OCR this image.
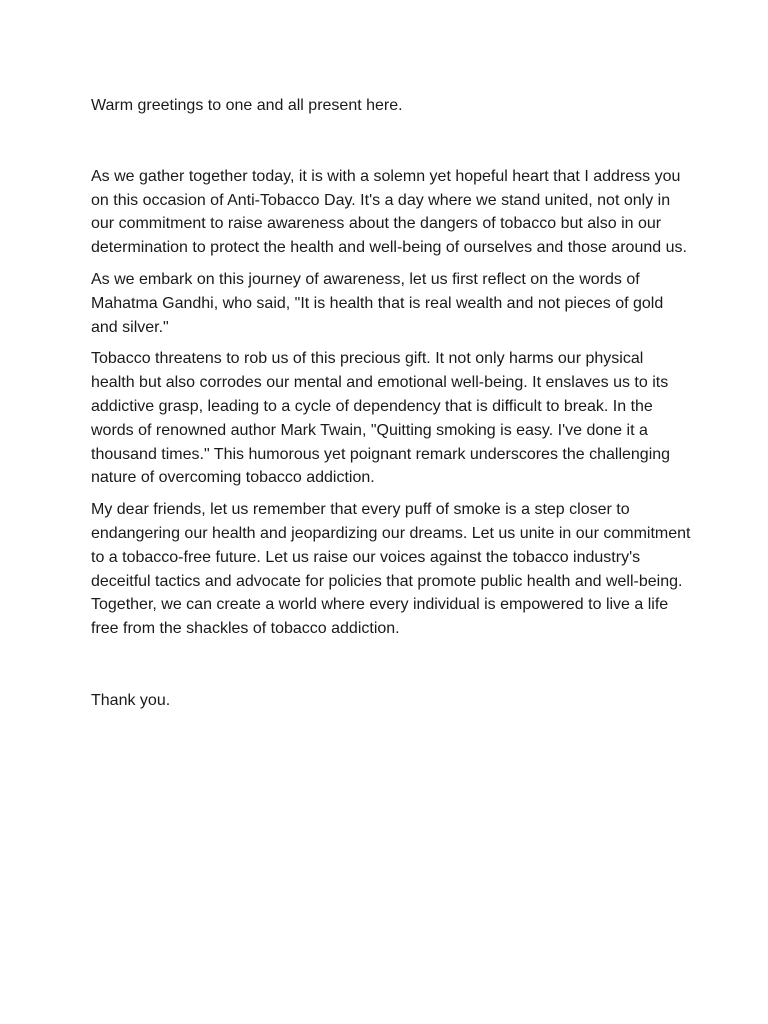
Warm greetings to one and all present here.

As we gather together today, it is with a solemn yet hopeful heart that I address you on this occasion of Anti-Tobacco Day. It's a day where we stand united, not only in our commitment to raise awareness about the dangers of tobacco but also in our determination to protect the health and well-being of ourselves and those around us.

As we embark on this journey of awareness, let us first reflect on the words of Mahatma Gandhi, who said, "It is health that is real wealth and not pieces of gold and silver."

Tobacco threatens to rob us of this precious gift. It not only harms our physical health but also corrodes our mental and emotional well-being. It enslaves us to its addictive grasp, leading to a cycle of dependency that is difficult to break. In the words of renowned author Mark Twain, "Quitting smoking is easy. I've done it a thousand times." This humorous yet poignant remark underscores the challenging nature of overcoming tobacco addiction.

My dear friends, let us remember that every puff of smoke is a step closer to endangering our health and jeopardizing our dreams. Let us unite in our commitment to a tobacco-free future. Let us raise our voices against the tobacco industry's deceitful tactics and advocate for policies that promote public health and well-being. Together, we can create a world where every individual is empowered to live a life free from the shackles of tobacco addiction.

Thank you.
